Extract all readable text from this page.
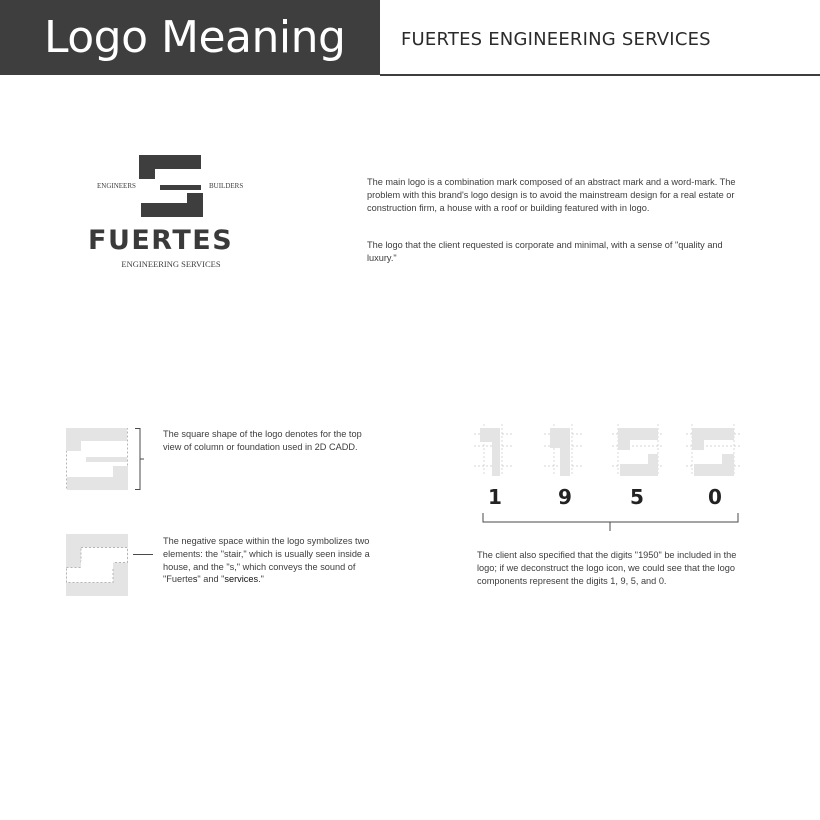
Logo Meaning	FUERTES ENGINEERING SERVICES
ENGINEERS	BUILDERS
FUERTES
ENGINEERING SERVICES
The main logo is a combination mark composed of an abstract mark and a word-mark. The problem with this brand's logo design is to avoid the mainstream design for a real estate or construction firm, a house with a roof or building featured with in logo.
The logo that the client requested is corporate and minimal, with a sense of "quality and luxury."
The square shape of the logo denotes for the top view of column or foundation used in 2D CADD.
The negative space within the logo symbolizes two elements: the "stair," which is usually seen inside a house, and the "s," which conveys the sound of "Fuertes" and "services."
1	9	5	0
The client also specified that the digits "1950" be included in the logo; if we deconstruct the logo icon, we could see that the logo components represent the digits 1, 9, 5, and 0.
